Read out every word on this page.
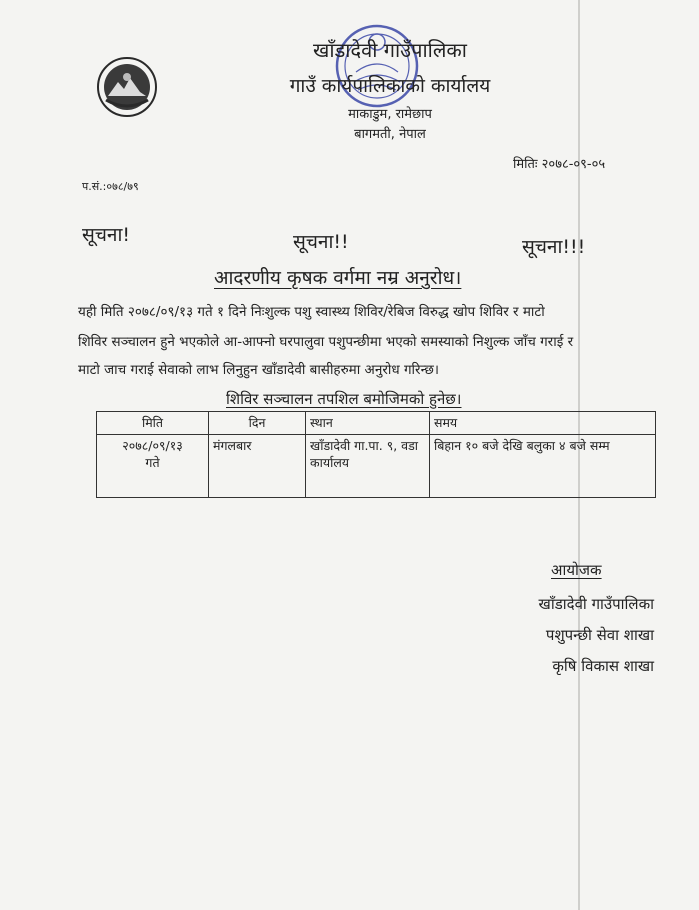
खाँडादेवी गाउँपालिका
गाउँ कार्यपालिकाको कार्यालय
माकाडुम, रामेछाप
बागमती, नेपाल
मितिः २०७८-०९-०५
प.सं.:०७८/७९
सूचना!	सूचना!!	सूचना!!!
आदरणीय कृषक वर्गमा नम्र अनुरोध।
यही मिति २०७८/०९/१३ गते १ दिने निःशुल्क पशु स्वास्थ्य शिविर/रेबिज विरुद्ध खोप शिविर र माटो
शिविर सञ्चालन हुने भएकोले आ-आफ्नो घरपालुवा पशुपन्छीमा भएको समस्याको निशुल्क जाँच गराई र
माटो जाच गराई सेवाको लाभ लिनुहुन खाँडादेवी बासीहरुमा अनुरोध गरिन्छ।
शिविर सञ्चालन तपशिल बमोजिमको हुनेछ।
मिति	दिन	स्थान	समय

२०७८/०९/१३
गते	मंगलबार	खाँडादेवी गा.पा. ९, वडा कार्यालय	बिहान १० बजे देखि बलुका ४ बजे सम्म
आयोजक
खाँडादेवी गाउँपालिका
पशुपन्छी सेवा शाखा
कृषि विकास शाखा
